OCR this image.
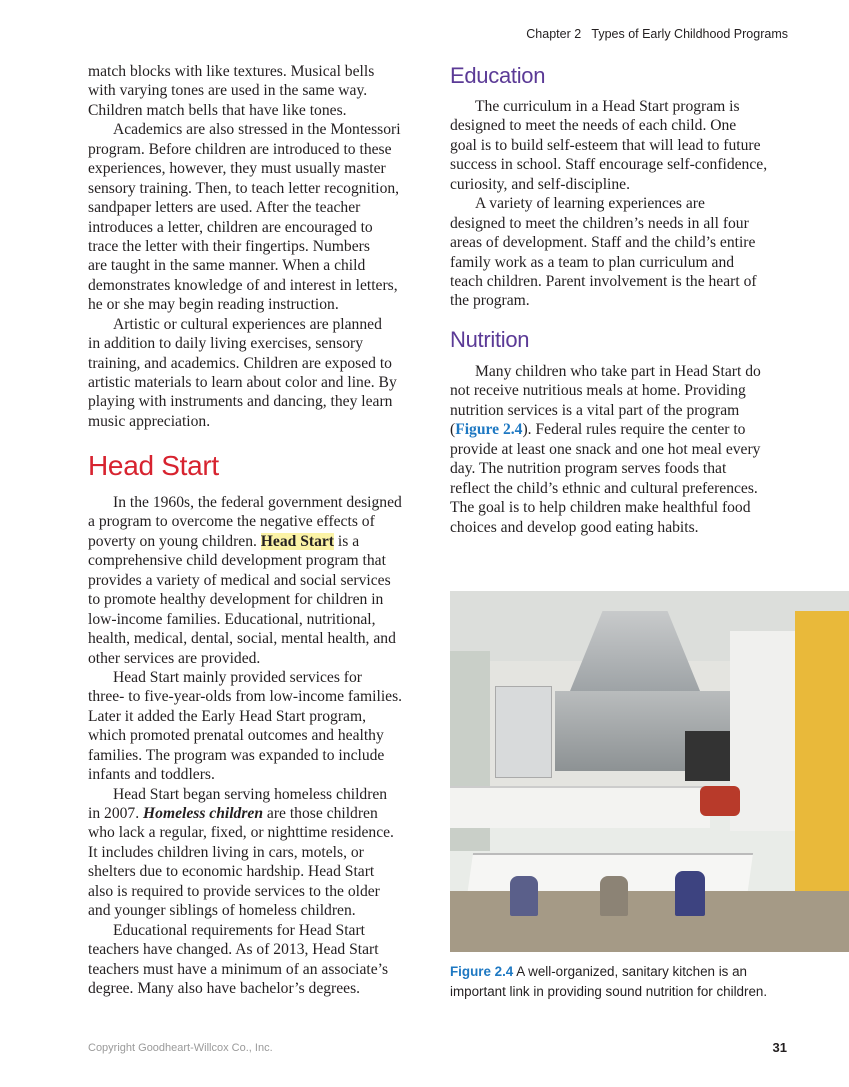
Chapter 2   Types of Early Childhood Programs
match blocks with like textures. Musical bells
with varying tones are used in the same way.
Children match bells that have like tones.
Academics are also stressed in the Montessori
program. Before children are introduced to these
experiences, however, they must usually master
sensory training. Then, to teach letter recognition,
sandpaper letters are used. After the teacher
introduces a letter, children are encouraged to
trace the letter with their fingertips. Numbers
are taught in the same manner. When a child
demonstrates knowledge of and interest in letters,
he or she may begin reading instruction.
Artistic or cultural experiences are planned
in addition to daily living exercises, sensory
training, and academics. Children are exposed to
artistic materials to learn about color and line. By
playing with instruments and dancing, they learn
music appreciation.
Head Start
In the 1960s, the federal government designed
a program to overcome the negative effects of
poverty on young children. Head Start is a
comprehensive child development program that
provides a variety of medical and social services
to promote healthy development for children in
low-income families. Educational, nutritional,
health, medical, dental, social, mental health, and
other services are provided.
Head Start mainly provided services for
three- to five-year-olds from low-income families.
Later it added the Early Head Start program,
which promoted prenatal outcomes and healthy
families. The program was expanded to include
infants and toddlers.
Head Start began serving homeless children
in 2007. Homeless children are those children
who lack a regular, fixed, or nighttime residence.
It includes children living in cars, motels, or
shelters due to economic hardship. Head Start
also is required to provide services to the older
and younger siblings of homeless children.
Educational requirements for Head Start
teachers have changed. As of 2013, Head Start
teachers must have a minimum of an associate’s
degree. Many also have bachelor’s degrees.
Education
The curriculum in a Head Start program is
designed to meet the needs of each child. One
goal is to build self-esteem that will lead to future
success in school. Staff encourage self-confidence,
curiosity, and self-discipline.
A variety of learning experiences are
designed to meet the children’s needs in all four
areas of development. Staff and the child’s entire
family work as a team to plan curriculum and
teach children. Parent involvement is the heart of
the program.
Nutrition
Many children who take part in Head Start do
not receive nutritious meals at home. Providing
nutrition services is a vital part of the program
(Figure 2.4). Federal rules require the center to
provide at least one snack and one hot meal every
day. The nutrition program serves foods that
reflect the child’s ethnic and cultural preferences.
The goal is to help children make healthful food
choices and develop good eating habits.
Figure 2.4 A well-organized, sanitary kitchen is an
important link in providing sound nutrition for children.
Copyright Goodheart-Willcox Co., Inc.	31
